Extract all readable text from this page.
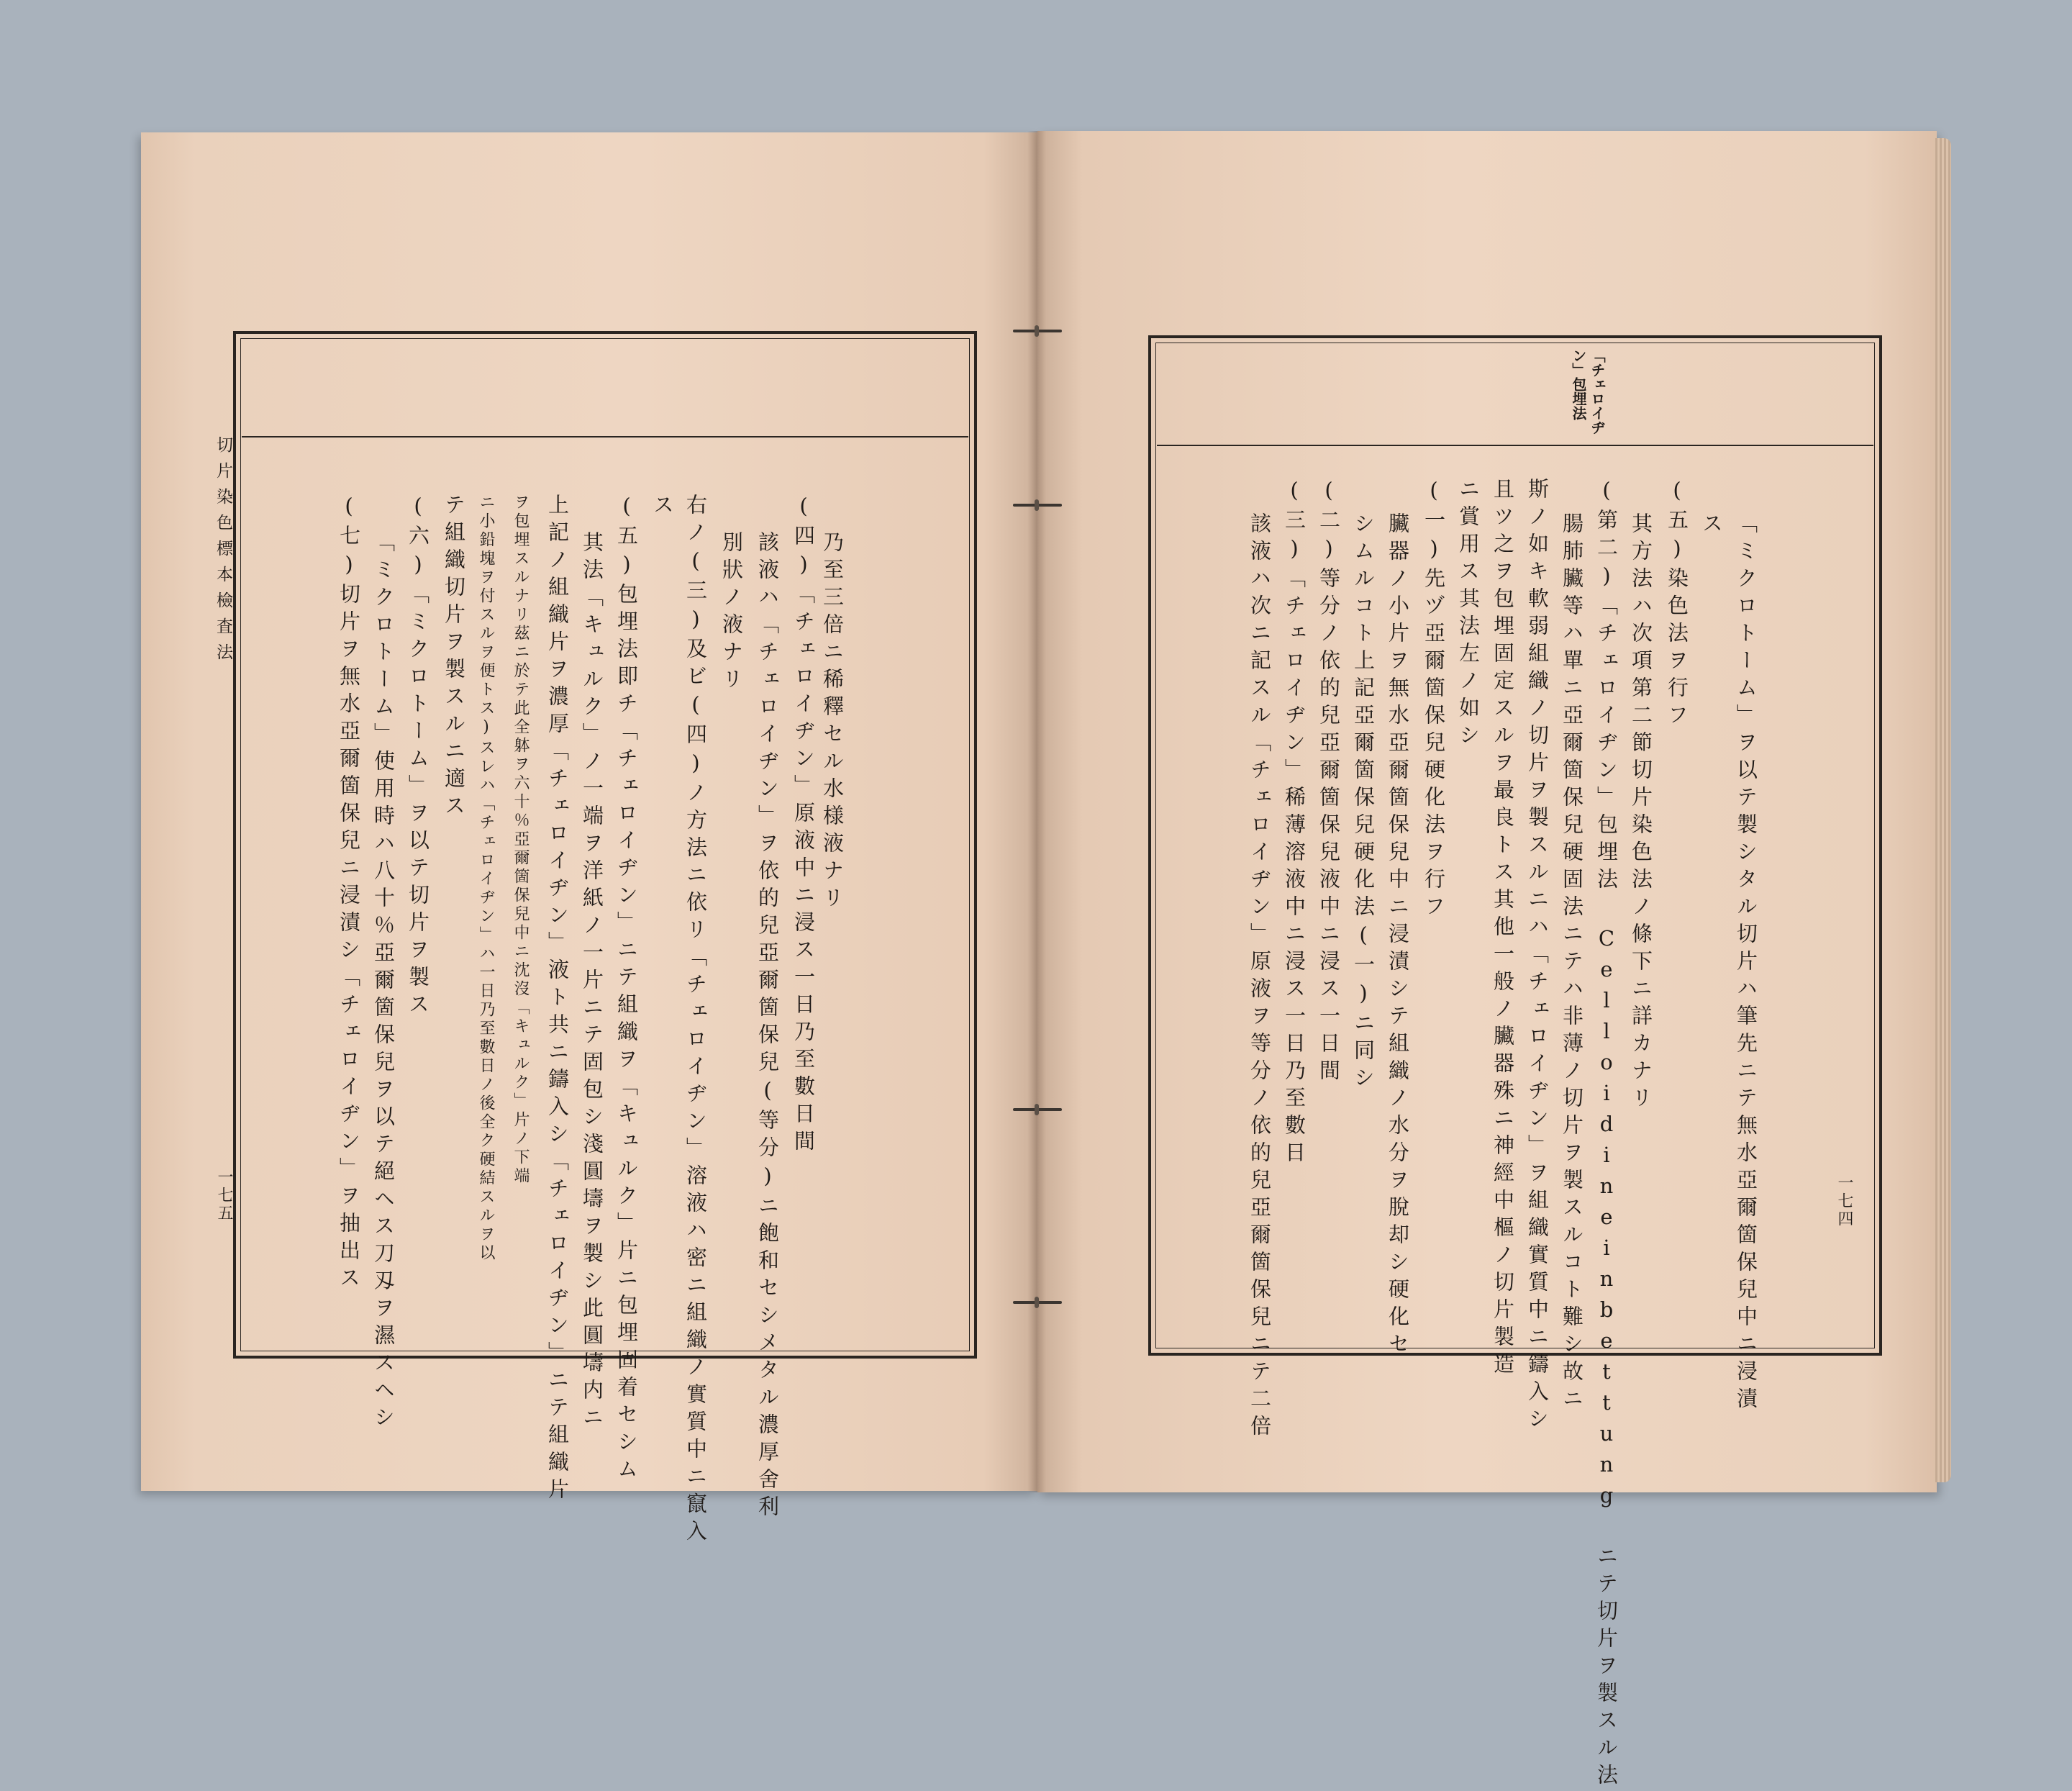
切片染色標本檢査法
一七五
乃至三倍ニ稀釋セル水様液ナリ
(四)「チェロイヂン」原液中ニ浸ス一日乃至數日間
該液ハ「チェロイヂン」ヲ依的兒亞爾箇保兒(等分)ニ飽和セシメタル濃厚舍利
別狀ノ液ナリ
右ノ(三)及ビ(四)ノ方法ニ依リ「チェロイヂン」溶液ハ密ニ組織ノ實質中ニ竄入
ス
(五)包埋法即チ「チェロイヂン」ニテ組織ヲ「キュルク」片ニ包埋固着セシム
其法「キュルク」ノ一端ヲ洋紙ノ一片ニテ固包シ淺圓壔ヲ製シ此圓壔内ニ
上記ノ組織片ヲ濃厚「チェロイヂン」液ト共ニ鑄入シ「チェロイヂン」ニテ組織片
ヲ包埋スルナリ茲ニ於テ此全躰ヲ六十％亞爾箇保兒中ニ沈沒「キュルク」片ノ下端
ニ小鉛塊ヲ付スルヲ便トス)スレハ「チェロイヂン」ハ一日乃至數日ノ後全ク硬結スルヲ以
テ組織切片ヲ製スルニ適ス
(六)「ミクロトーム」ヲ以テ切片ヲ製ス
「ミクロトーム」使用時ハ八十％亞爾箇保兒ヲ以テ絕ヘス刀刄ヲ濕スヘシ
(七)切片ヲ無水亞爾箇保兒ニ浸漬シ「チェロイヂン」ヲ抽出ス	一七四
「チェロイヂ
ン」包埋法
「ミクロトーム」ヲ以テ製シタル切片ハ筆先ニテ無水亞爾箇保兒中ニ浸漬
ス
(五)染色法ヲ行フ
其方法ハ次項第二節切片染色法ノ條下ニ詳カナリ
(第二)「チェロイヂン」包埋法 Celloidineinbettung ニテ切片ヲ製スル法
腸肺臟等ハ單ニ亞爾箇保兒硬固法ニテハ非薄ノ切片ヲ製スルコト難シ故ニ
斯ノ如キ軟弱組織ノ切片ヲ製スルニハ「チェロイヂン」ヲ組織實質中ニ鑄入シ
且ツ之ヲ包埋固定スルヲ最良トス其他一般ノ臟器殊ニ神經中樞ノ切片製造
ニ賞用ス其法左ノ如シ
(一)先ヅ亞爾箇保兒硬化法ヲ行フ
臟器ノ小片ヲ無水亞爾箇保兒中ニ浸漬シテ組織ノ水分ヲ脫却シ硬化セ
シムルコト上記亞爾箇保兒硬化法(一)ニ同シ
(二)等分ノ依的兒亞爾箇保兒液中ニ浸ス一日間
(三)「チェロイヂン」稀薄溶液中ニ浸ス一日乃至數日
該液ハ次ニ記スル「チェロイヂン」原液ヲ等分ノ依的兒亞爾箇保兒ニテ二倍
